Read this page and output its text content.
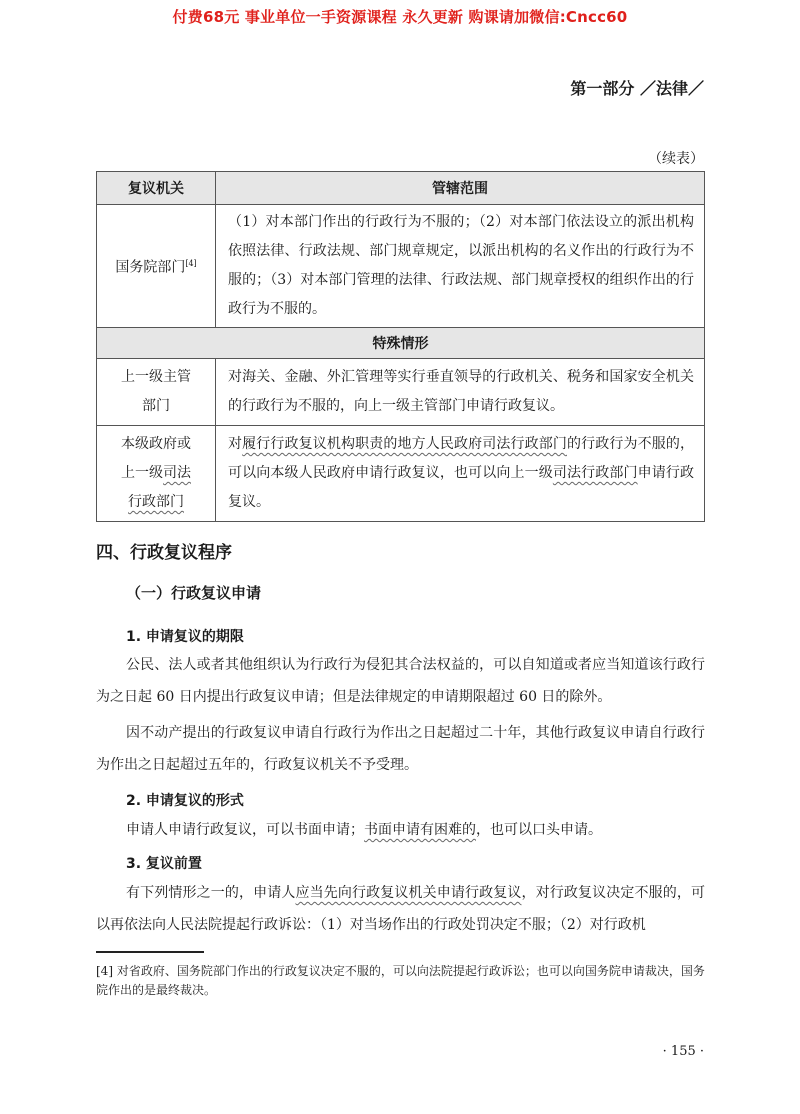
付费68元 事业单位一手资源课程 永久更新 购课请加微信:Cncc60
第一部分 ／法律／
（续表）
复议机关	管辖范围
国务院部门[4]	（1）对本部门作出的行政行为不服的；（2）对本部门依法设立的派出机构依照法律、行政法规、部门规章规定，以派出机构的名义作出的行政行为不服的；（3）对本部门管理的法律、行政法规、部门规章授权的组织作出的行政行为不服的。
特殊情形	
上一级主管部门	对海关、金融、外汇管理等实行垂直领导的行政机关、税务和国家安全机关的行政行为不服的，向上一级主管部门申请行政复议。
本级政府或
上一级司法
行政部门	对履行行政复议机构职责的地方人民政府司法行政部门的行政行为不服的，可以向本级人民政府申请行政复议，也可以向上一级司法行政部门申请行政复议。
四、行政复议程序
（一）行政复议申请
1. 申请复议的期限
公民、法人或者其他组织认为行政行为侵犯其合法权益的，可以自知道或者应当知道该行政行为之日起 60 日内提出行政复议申请；但是法律规定的申请期限超过 60 日的除外。
因不动产提出的行政复议申请自行政行为作出之日起超过二十年，其他行政复议申请自行政行为作出之日起超过五年的，行政复议机关不予受理。
2. 申请复议的形式
申请人申请行政复议，可以书面申请；书面申请有困难的，也可以口头申请。
3. 复议前置
有下列情形之一的，申请人应当先向行政复议机关申请行政复议，对行政复议决定不服的，可以再依法向人民法院提起行政诉讼：（1）对当场作出的行政处罚决定不服；（2）对行政机
[4] 对省政府、国务院部门作出的行政复议决定不服的，可以向法院提起行政诉讼；也可以向国务院申请裁决，国务院作出的是最终裁决。
· 155 ·
